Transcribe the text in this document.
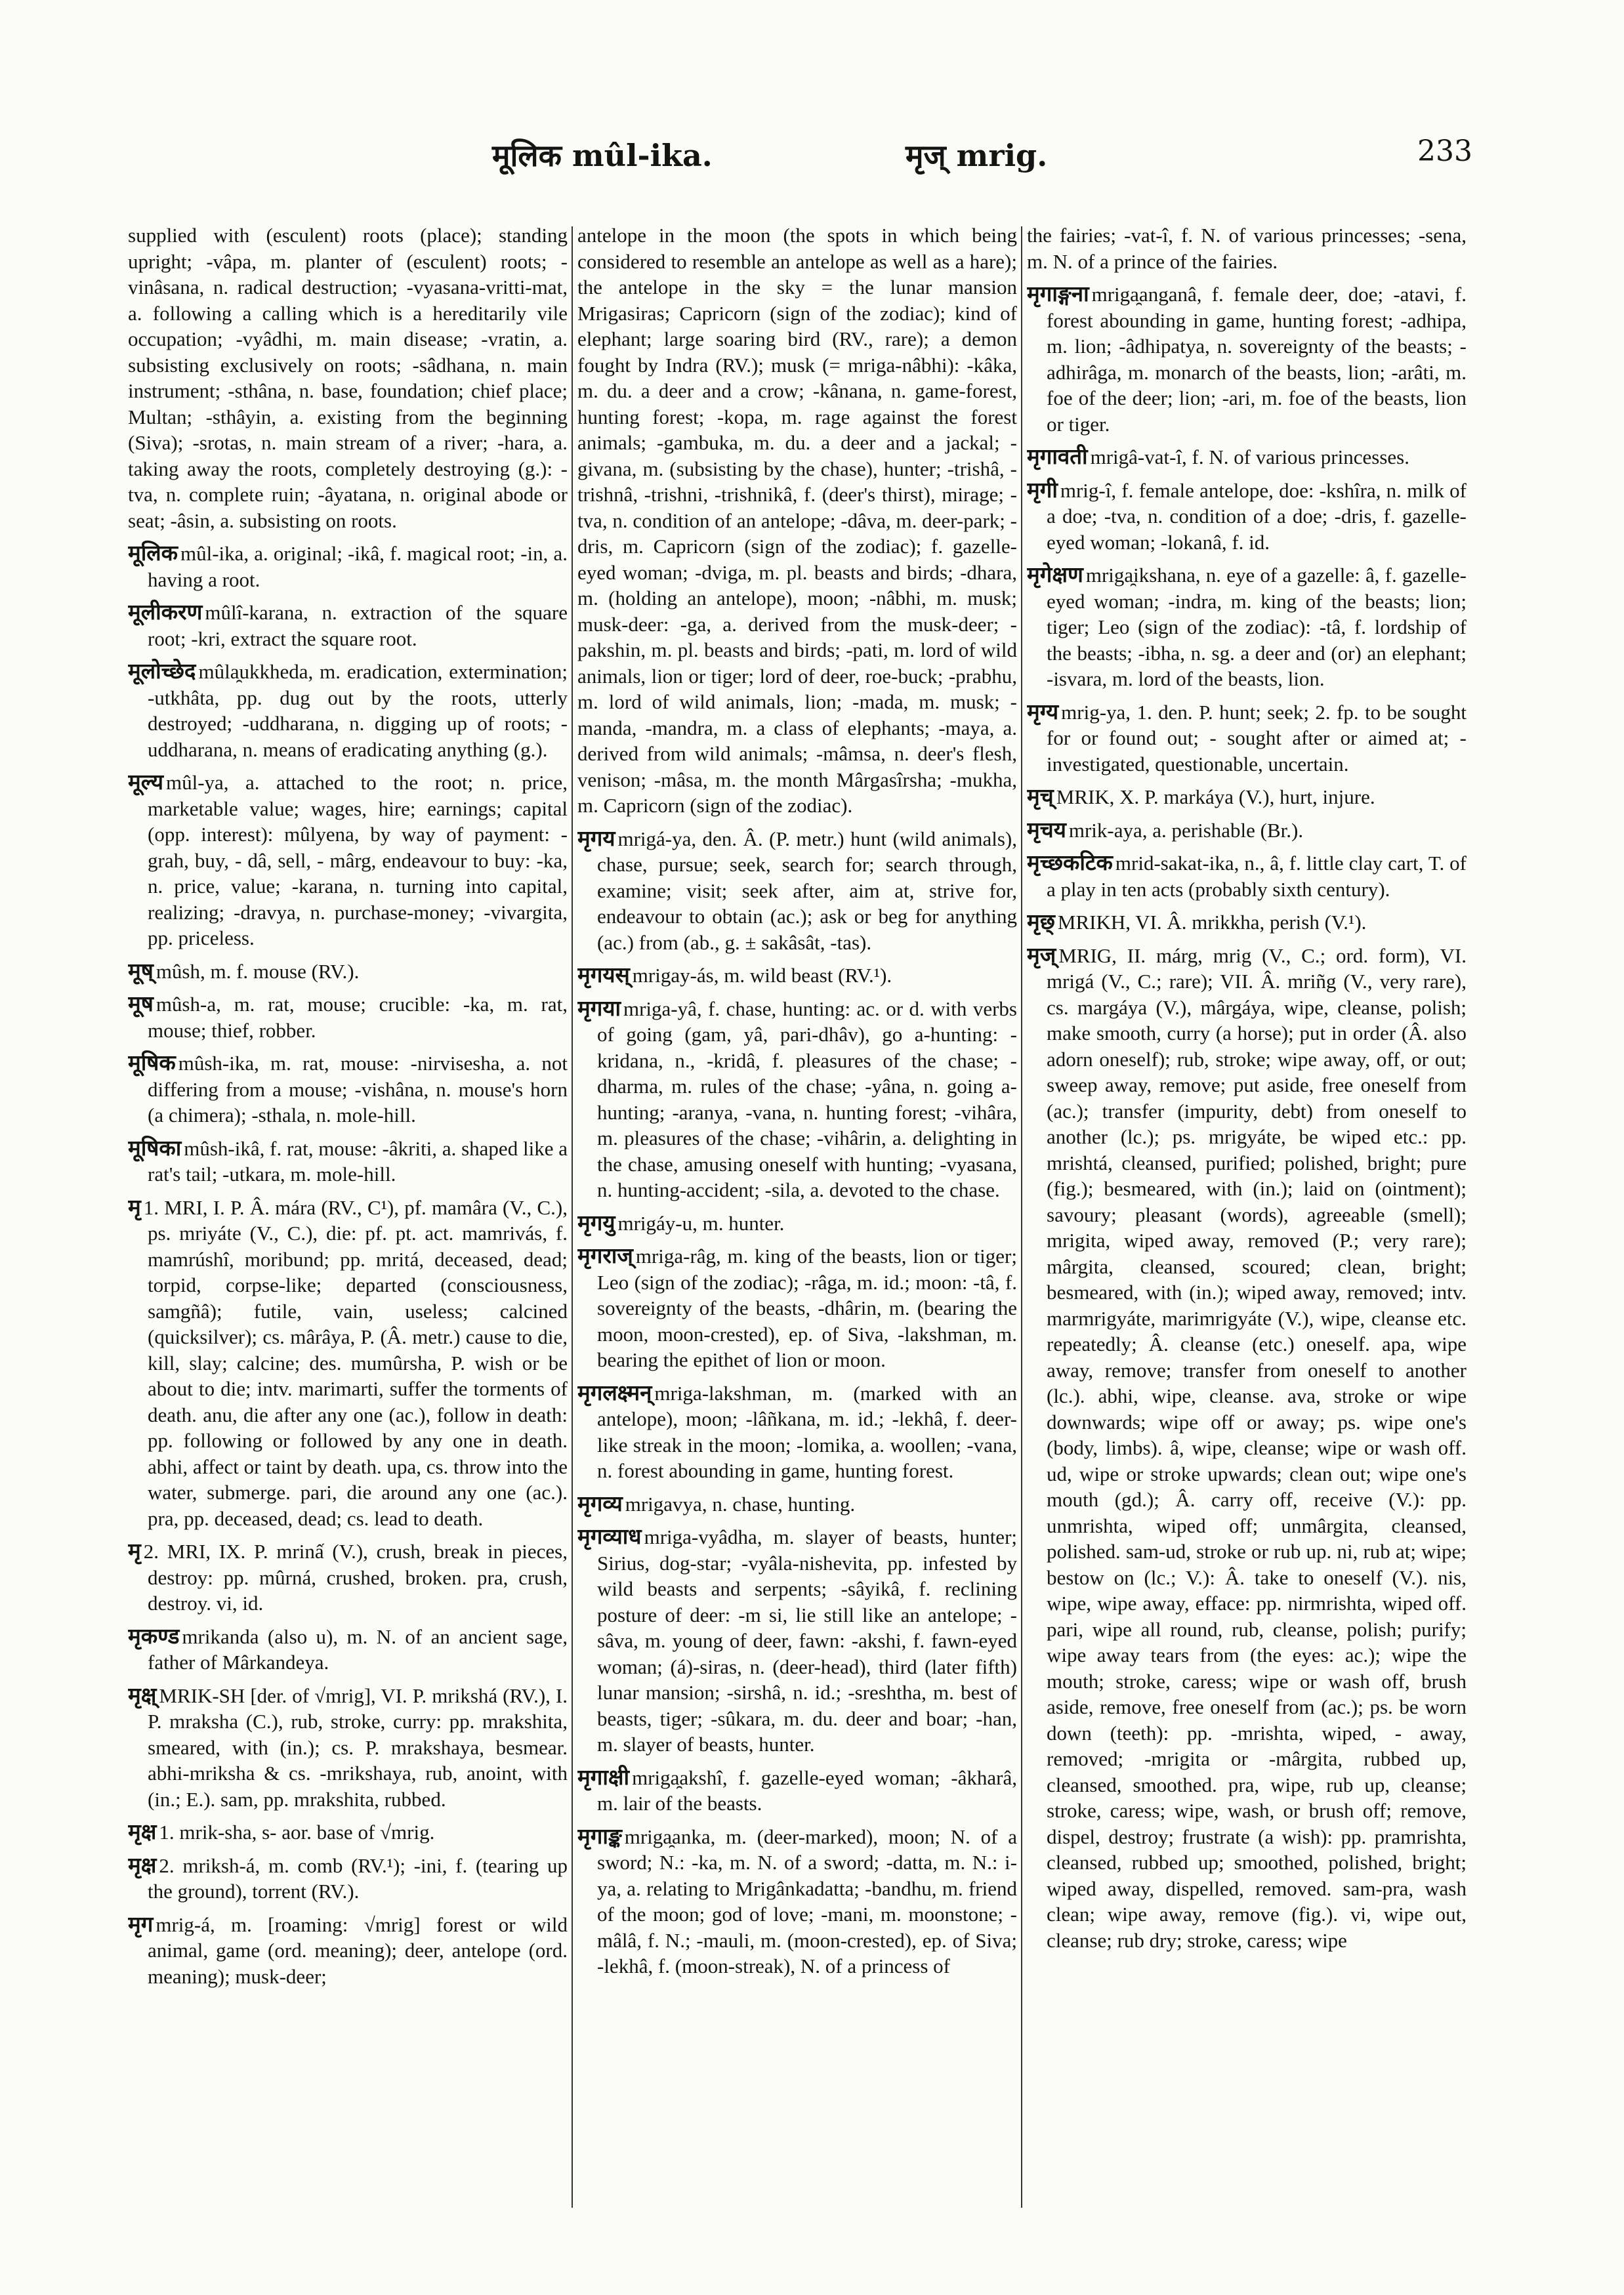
मूलिक mûl-ika.	मृज् mrig.	233

supplied with (esculent) roots (place); standing upright; -vâpa, m. planter of (esculent) roots; -vinâsana, n. radical destruction; -vyasana-vritti-mat, a. following a calling which is a hereditarily vile occupation; -vyâdhi, m. main disease; -vratin, a. subsisting exclusively on roots; -sâdhana, n. main instrument; -sthâna, n. base, foundation; chief place; Multan; -sthâyin, a. existing from the beginning (Siva); -srotas, n. main stream of a river; -hara, a. taking away the roots, completely destroying (g.): -tva, n. complete ruin; -âyatana, n. original abode or seat; -âsin, a. subsisting on roots.

मूलिक mûl-ika, a. original; -ikâ, f. magical root; -in, a. having a root.

मूलीकरण mûlî-karana, n. extraction of the square root; -kri, extract the square root.

मूलोच्छेद mûla̯ukkheda, m. eradication, extermination; -utkhâta, pp. dug out by the roots, utterly destroyed; -uddharana, n. digging up of roots; -uddharana, n. means of eradicating anything (g.).

मूल्य mûl-ya, a. attached to the root; n. price, marketable value; wages, hire; earnings; capital (opp. interest): mûlyena, by way of payment: - grah, buy, - dâ, sell, - mârg, endeavour to buy: -ka, n. price, value; -karana, n. turning into capital, realizing; -dravya, n. purchase-money; -vivargita, pp. priceless.

मूष् mûsh, m. f. mouse (RV.).

मूष mûsh-a, m. rat, mouse; crucible: -ka, m. rat, mouse; thief, robber.

मूषिक mûsh-ika, m. rat, mouse: -nirvisesha, a. not differing from a mouse; -vishâna, n. mouse's horn (a chimera); -sthala, n. mole-hill.

मूषिका mûsh-ikâ, f. rat, mouse: -âkriti, a. shaped like a rat's tail; -utkara, m. mole-hill.

मृ 1. MRI, I. P. Â. mára (RV., C¹), pf. mamâra (V., C.), ps. mriyáte (V., C.), die: pf. pt. act. mamrivás, f. mamrúshî, moribund; pp. mritá, deceased, dead; torpid, corpse-like; departed (consciousness, samgñâ); futile, vain, useless; calcined (quicksilver); cs. mârâya, P. (Â. metr.) cause to die, kill, slay; calcine; des. mumûrsha, P. wish or be about to die; intv. marimarti, suffer the torments of death. anu, die after any one (ac.), follow in death: pp. following or followed by any one in death. abhi, affect or taint by death. upa, cs. throw into the water, submerge. pari, die around any one (ac.). pra, pp. deceased, dead; cs. lead to death.

मृ 2. MRI, IX. P. mrinấ (V.), crush, break in pieces, destroy: pp. mûrná, crushed, broken. pra, crush, destroy. vi, id.

मृकण्ड mrikanda (also u), m. N. of an ancient sage, father of Mârkandeya.

मृक्ष् MRIK-SH [der. of √mrig], VI. P. mrikshá (RV.), I. P. mraksha (C.), rub, stroke, curry: pp. mrakshita, smeared, with (in.); cs. P. mrakshaya, besmear. abhi-mriksha & cs. -mrikshaya, rub, anoint, with (in.; E.). sam, pp. mrakshita, rubbed.

मृक्ष 1. mrik-sha, s- aor. base of √mrig.

मृक्ष 2. mriksh-á, m. comb (RV.¹); -ini, f. (tearing up the ground), torrent (RV.).

मृग mrig-á, m. [roaming: √mrig] forest or wild animal, game (ord. meaning); deer, antelope (ord. meaning); musk-deer;

antelope in the moon (the spots in which being considered to resemble an antelope as well as a hare); the antelope in the sky = the lunar mansion Mrigasiras; Capricorn (sign of the zodiac); kind of elephant; large soaring bird (RV., rare); a demon fought by Indra (RV.); musk (= mriga-nâbhi): -kâka, m. du. a deer and a crow; -kânana, n. game-forest, hunting forest; -kopa, m. rage against the forest animals; -gambuka, m. du. a deer and a jackal; -givana, m. (subsisting by the chase), hunter; -trishâ, -trishnâ, -trishni, -trishnikâ, f. (deer's thirst), mirage; -tva, n. condition of an antelope; -dâva, m. deer-park; -dris, m. Capricorn (sign of the zodiac); f. gazelle-eyed woman; -dviga, m. pl. beasts and birds; -dhara, m. (holding an antelope), moon; -nâbhi, m. musk; musk-deer: -ga, a. derived from the musk-deer; -pakshin, m. pl. beasts and birds; -pati, m. lord of wild animals, lion or tiger; lord of deer, roe-buck; -prabhu, m. lord of wild animals, lion; -mada, m. musk; -manda, -mandra, m. a class of elephants; -maya, a. derived from wild animals; -mâmsa, n. deer's flesh, venison; -mâsa, m. the month Mârgasîrsha; -mukha, m. Capricorn (sign of the zodiac).

मृगय mrigá-ya, den. Â. (P. metr.) hunt (wild animals), chase, pursue; seek, search for; search through, examine; visit; seek after, aim at, strive for, endeavour to obtain (ac.); ask or beg for anything (ac.) from (ab., g. ± sakâsât, -tas).

मृगयस् mrigay-ás, m. wild beast (RV.¹).

मृगया mriga-yâ, f. chase, hunting: ac. or d. with verbs of going (gam, yâ, pari-dhâv), go a-hunting: -kridana, n., -kridâ, f. pleasures of the chase; -dharma, m. rules of the chase; -yâna, n. going a-hunting; -aranya, -vana, n. hunting forest; -vihâra, m. pleasures of the chase; -vihârin, a. delighting in the chase, amusing oneself with hunting; -vyasana, n. hunting-accident; -sila, a. devoted to the chase.

मृगयु mrigáy-u, m. hunter.

मृगराज् mriga-râg, m. king of the beasts, lion or tiger; Leo (sign of the zodiac); -râga, m. id.; moon: -tâ, f. sovereignty of the beasts, -dhârin, m. (bearing the moon, moon-crested), ep. of Siva, -lakshman, m. bearing the epithet of lion or moon.

मृगलक्ष्मन् mriga-lakshman, m. (marked with an antelope), moon; -lâñkana, m. id.; -lekhâ, f. deer-like streak in the moon; -lomika, a. woollen; -vana, n. forest abounding in game, hunting forest.

मृगव्य mrigavya, n. chase, hunting.

मृगव्याध mriga-vyâdha, m. slayer of beasts, hunter; Sirius, dog-star; -vyâla-nishevita, pp. infested by wild beasts and serpents; -sâyikâ, f. reclining posture of deer: -m si, lie still like an antelope; -sâva, m. young of deer, fawn: -akshi, f. fawn-eyed woman; (á)-siras, n. (deer-head), third (later fifth) lunar mansion; -sirshâ, n. id.; -sreshtha, m. best of beasts, tiger; -sûkara, m. du. deer and boar; -han, m. slayer of beasts, hunter.

मृगाक्षी mriga̯akshî, f. gazelle-eyed woman; -âkharâ, m. lair of the beasts.

मृगाङ्क mriga̯anka, m. (deer-marked), moon; N. of a sword; N.: -ka, m. N. of a sword; -datta, m. N.: i-ya, a. relating to Mrigânkadatta; -bandhu, m. friend of the moon; god of love; -mani, m. moonstone; -mâlâ, f. N.; -mauli, m. (moon-crested), ep. of Siva; -lekhâ, f. (moon-streak), N. of a princess of

the fairies; -vat-î, f. N. of various princesses; -sena, m. N. of a prince of the fairies.

मृगाङ्गना mriga̯anganâ, f. female deer, doe; -atavi, f. forest abounding in game, hunting forest; -adhipa, m. lion; -âdhipatya, n. sovereignty of the beasts; -adhirâga, m. monarch of the beasts, lion; -arâti, m. foe of the deer; lion; -ari, m. foe of the beasts, lion or tiger.

मृगावती mrigâ-vat-î, f. N. of various princesses.

मृगी mrig-î, f. female antelope, doe: -kshîra, n. milk of a doe; -tva, n. condition of a doe; -dris, f. gazelle-eyed woman; -lokanâ, f. id.

मृगेक्षण mriga̯ikshana, n. eye of a gazelle: â, f. gazelle-eyed woman; -indra, m. king of the beasts; lion; tiger; Leo (sign of the zodiac): -tâ, f. lordship of the beasts; -ibha, n. sg. a deer and (or) an elephant; -isvara, m. lord of the beasts, lion.

मृग्य mrig-ya, 1. den. P. hunt; seek; 2. fp. to be sought for or found out; - sought after or aimed at; - investigated, questionable, uncertain.

मृच् MRIK, X. P. markáya (V.), hurt, injure.

मृचय mrik-aya, a. perishable (Br.).

मृच्छकटिक mrid-sakat-ika, n., â, f. little clay cart, T. of a play in ten acts (probably sixth century).

मृछ् MRIKH, VI. Â. mrikkha, perish (V.¹).

मृज् MRIG, II. márg, mrig (V., C.; ord. form), VI. mrigá (V., C.; rare); VII. Â. mriñg (V., very rare), cs. margáya (V.), mârgáya, wipe, cleanse, polish; make smooth, curry (a horse); put in order (Â. also adorn oneself); rub, stroke; wipe away, off, or out; sweep away, remove; put aside, free oneself from (ac.); transfer (impurity, debt) from oneself to another (lc.); ps. mrigyáte, be wiped etc.: pp. mrishtá, cleansed, purified; polished, bright; pure (fig.); besmeared, with (in.); laid on (ointment); savoury; pleasant (words), agreeable (smell); mrigita, wiped away, removed (P.; very rare); mârgita, cleansed, scoured; clean, bright; besmeared, with (in.); wiped away, removed; intv. marmrigyáte, marimrigyáte (V.), wipe, cleanse etc. repeatedly; Â. cleanse (etc.) oneself. apa, wipe away, remove; transfer from oneself to another (lc.). abhi, wipe, cleanse. ava, stroke or wipe downwards; wipe off or away; ps. wipe one's (body, limbs). â, wipe, cleanse; wipe or wash off. ud, wipe or stroke upwards; clean out; wipe one's mouth (gd.); Â. carry off, receive (V.): pp. unmrishta, wiped off; unmârgita, cleansed, polished. sam-ud, stroke or rub up. ni, rub at; wipe; bestow on (lc.; V.): Â. take to oneself (V.). nis, wipe, wipe away, efface: pp. nirmrishta, wiped off. pari, wipe all round, rub, cleanse, polish; purify; wipe away tears from (the eyes: ac.); wipe the mouth; stroke, caress; wipe or wash off, brush aside, remove, free oneself from (ac.); ps. be worn down (teeth): pp. -mrishta, wiped, - away, removed; -mrigita or -mârgita, rubbed up, cleansed, smoothed. pra, wipe, rub up, cleanse; stroke, caress; wipe, wash, or brush off; remove, dispel, destroy; frustrate (a wish): pp. pramrishta, cleansed, rubbed up; smoothed, polished, bright; wiped away, dispelled, removed. sam-pra, wash clean; wipe away, remove (fig.). vi, wipe out, cleanse; rub dry; stroke, caress; wipe
